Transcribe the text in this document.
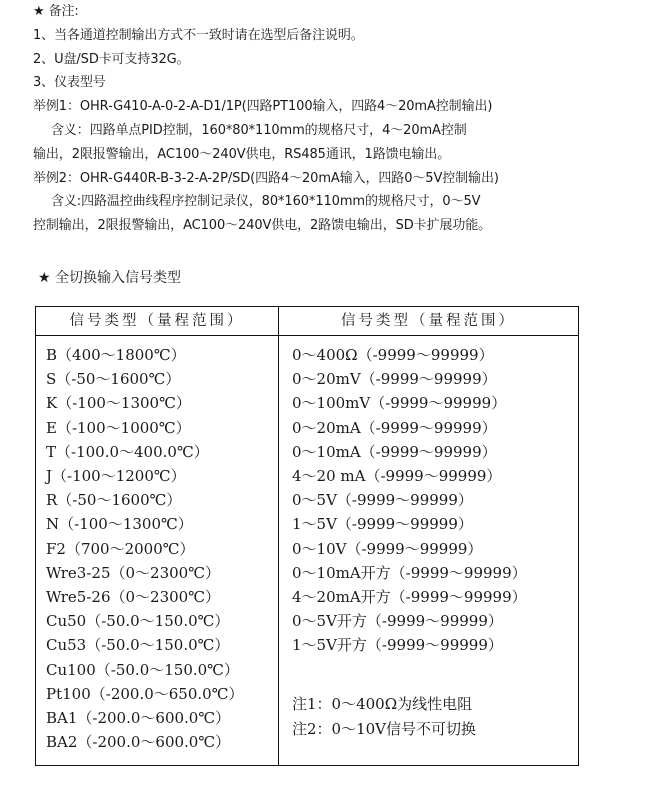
★ 备注:
1、当各通道控制输出方式不一致时请在选型后备注说明。
2、U盘/SD卡可支持32G。
3、仪表型号
举例1：OHR-G410-A-0-2-A-D1/1P(四路PT100输入，四路4～20mA控制输出)
含义：四路单点PID控制，160*80*110mm的规格尺寸，4～20mA控制
输出，2限报警输出，AC100～240V供电，RS485通讯，1路馈电输出。
举例2：OHR-G440R-B-3-2-A-2P/SD(四路4～20mA输入，四路0～5V控制输出)
含义:四路温控曲线程序控制记录仪，80*160*110mm的规格尺寸，0～5V
控制输出，2限报警输出，AC100～240V供电，2路馈电输出，SD卡扩展功能。
★ 全切换输入信号类型
信号类型（量程范围）	信号类型（量程范围）
B（400～1800℃）
S（-50～1600℃）
K（-100～1300℃）
E（-100～1000℃）
T（-100.0～400.0℃）
J（-100～1200℃）
R（-50～1600℃）
N（-100～1300℃）
F2（700～2000℃）
Wre3-25（0～2300℃）
Wre5-26（0～2300℃）
Cu50（-50.0～150.0℃）
Cu53（-50.0～150.0℃）
Cu100（-50.0～150.0℃）
Pt100（-200.0～650.0℃）
BA1（-200.0～600.0℃）
BA2（-200.0～600.0℃）
0～400Ω（-9999～99999）
0～20mV（-9999～99999）
0～100mV（-9999～99999）
0～20mA（-9999～99999）
0～10mA（-9999～99999）
4～20 mA（-9999～99999）
0～5V（-9999～99999）
1～5V（-9999～99999）
0～10V（-9999～99999）
0～10mA开方（-9999～99999）
4～20mA开方（-9999～99999）
0～5V开方（-9999～99999）
1～5V开方（-9999～99999）
注1：0～400Ω为线性电阻
注2：0～10V信号不可切换
